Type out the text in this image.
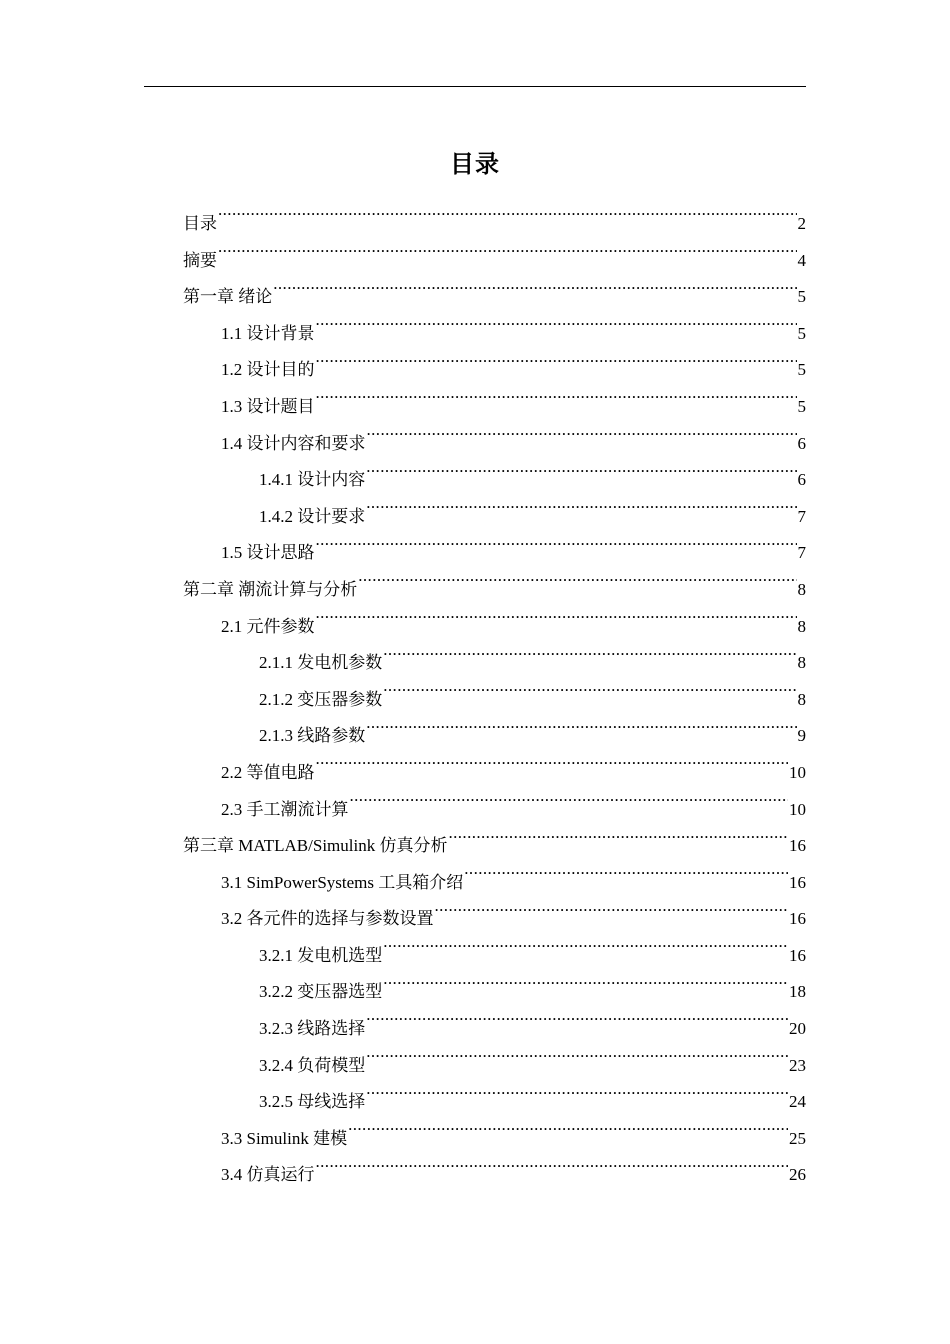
目录
目录 .....	2
摘要 .....	4
第一章 绪论 .....	5
1.1 设计背景 .....	5
1.2 设计目的 .....	5
1.3 设计题目 .....	5
1.4 设计内容和要求 .....	6
1.4.1 设计内容 .....	6
1.4.2 设计要求 .....	7
1.5 设计思路 .....	7
第二章 潮流计算与分析 .....	8
2.1 元件参数 .....	8
2.1.1 发电机参数 .....	8
2.1.2 变压器参数 .....	8
2.1.3 线路参数 .....	9
2.2 等值电路 .....	10
2.3 手工潮流计算 .....	10
第三章 MATLAB/Simulink 仿真分析 .....	16
3.1 SimPowerSystems 工具箱介绍 .....	16
3.2 各元件的选择与参数设置 .....	16
3.2.1 发电机选型 .....	16
3.2.2 变压器选型 .....	18
3.2.3 线路选择 .....	20
3.2.4 负荷模型 .....	23
3.2.5 母线选择 .....	24
3.3 Simulink 建模 .....	25
3.4 仿真运行 .....	26
